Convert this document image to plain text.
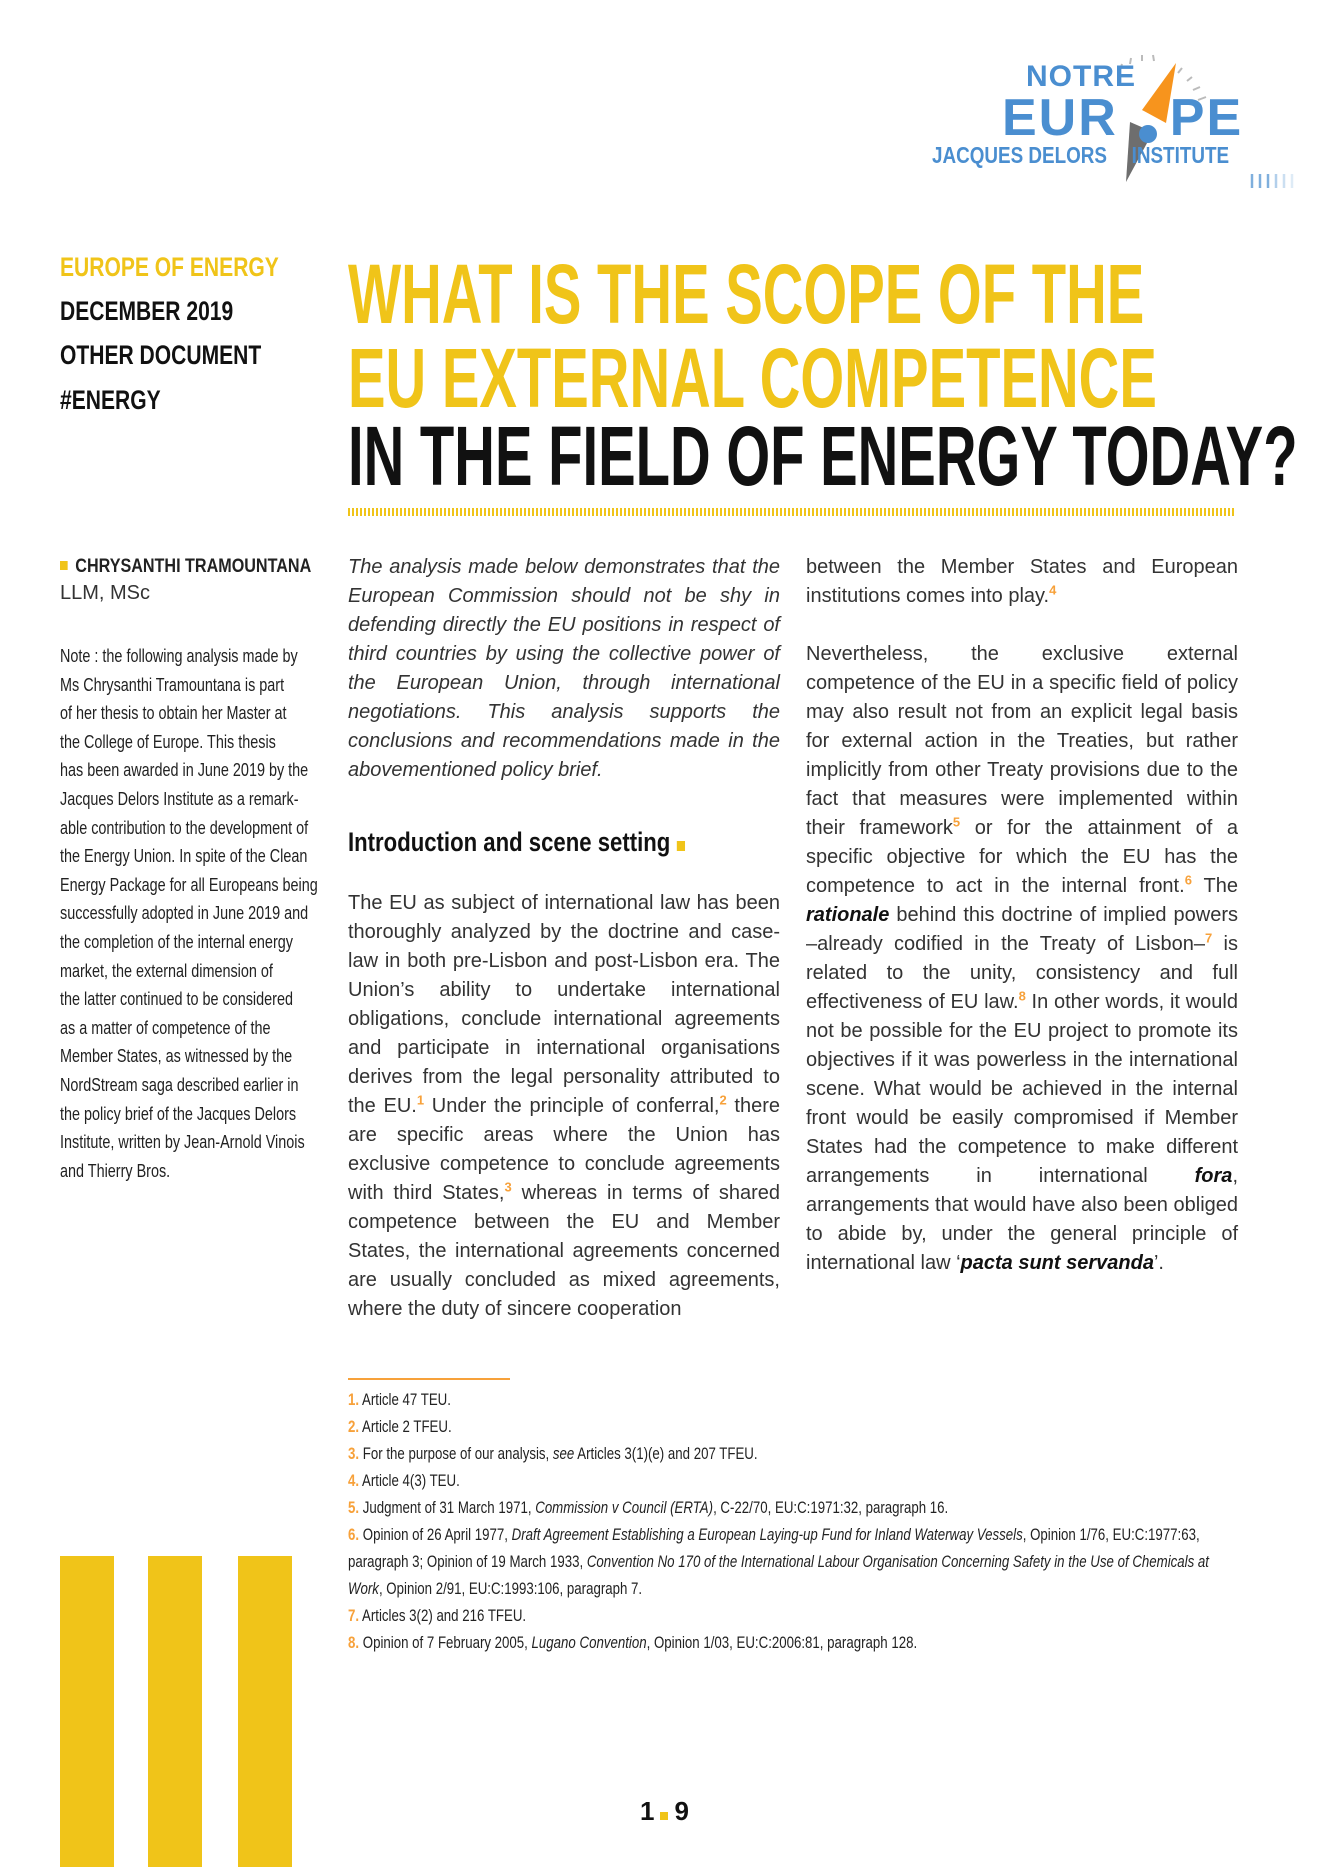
NOTRE
EUR PE
JACQUES DELORS INSTITUTE
EUROPE OF ENERGY
DECEMBER 2019
OTHER DOCUMENT
#ENERGY
WHAT IS THE SCOPE OF THE
EU EXTERNAL COMPETENCE
IN THE FIELD OF ENERGY TODAY?
CHRYSANTHI TRAMOUNTANA
LLM, MSc
Note : the following analysis made by
Ms Chrysanthi Tramountana is part
of her thesis to obtain her Master at
the College of Europe. This thesis
has been awarded in June 2019 by the
Jacques Delors Institute as a remark-
able contribution to the development of
the Energy Union. In spite of the Clean
Energy Package for all Europeans being
successfully adopted in June 2019 and
the completion of the internal energy
market, the external dimension of
the latter continued to be considered
as a matter of competence of the
Member States, as witnessed by the
NordStream saga described earlier in
the policy brief of the Jacques Delors
Institute, written by Jean-Arnold Vinois
and Thierry Bros.

The analysis made below demonstrates that the European Commission should not be shy in defending directly the EU positions in respect of third countries by using the collective power of the European Union, through international negotiations. This analysis supports the conclusions and recommendations made in the abovementioned policy brief.

Introduction and scene setting

The EU as subject of international law has been thoroughly analyzed by the doctrine and case-law in both pre-Lisbon and post-Lisbon era. The Union’s ability to undertake international obligations, conclude international agreements and participate in international organisations derives from the legal personality attributed to the EU.$^1$ Under the principle of conferral,$^2$ there are specific areas where the Union has exclusive competence to conclude agreements with third States,$^3$ whereas in terms of shared competence between the EU and Member States, the international agreements concerned are usually concluded as mixed agreements, where the duty of sincere cooperation

between the Member States and European institutions comes into play.$^4$

Nevertheless, the exclusive external competence of the EU in a specific field of policy may also result not from an explicit legal basis for external action in the Treaties, but rather implicitly from other Treaty provisions due to the fact that measures were implemented within their framework$^5$ or for the attainment of a specific objective for which the EU has the competence to act in the internal front.$^6$ The rationale behind this doctrine of implied powers –already codified in the Treaty of Lisbon–$^7$ is related to the unity, consistency and full effectiveness of EU law.$^8$ In other words, it would not be possible for the EU project to promote its objectives if it was powerless in the international scene. What would be achieved in the internal front would be easily compromised if Member States had the competence to make different arrangements in international fora, arrangements that would have also been obliged to abide by, under the general principle of international law ‘pacta sunt servanda’.

1. Article 47 TEU.
2. Article 2 TFEU.
3. For the purpose of our analysis, see Articles 3(1)(e) and 207 TFEU.
4. Article 4(3) TEU.
5. Judgment of 31 March 1971, Commission v Council (ERTA), C-22/70, EU:C:1971:32, paragraph 16.
6. Opinion of 26 April 1977, Draft Agreement Establishing a European Laying-up Fund for Inland Waterway Vessels, Opinion 1/76, EU:C:1977:63,
paragraph 3; Opinion of 19 March 1933, Convention No 170 of the International Labour Organisation Concerning Safety in the Use of Chemicals at
Work, Opinion 2/91, EU:C:1993:106, paragraph 7.
7. Articles 3(2) and 216 TFEU.
8. Opinion of 7 February 2005, Lugano Convention, Opinion 1/03, EU:C:2006:81, paragraph 128.
1 9
